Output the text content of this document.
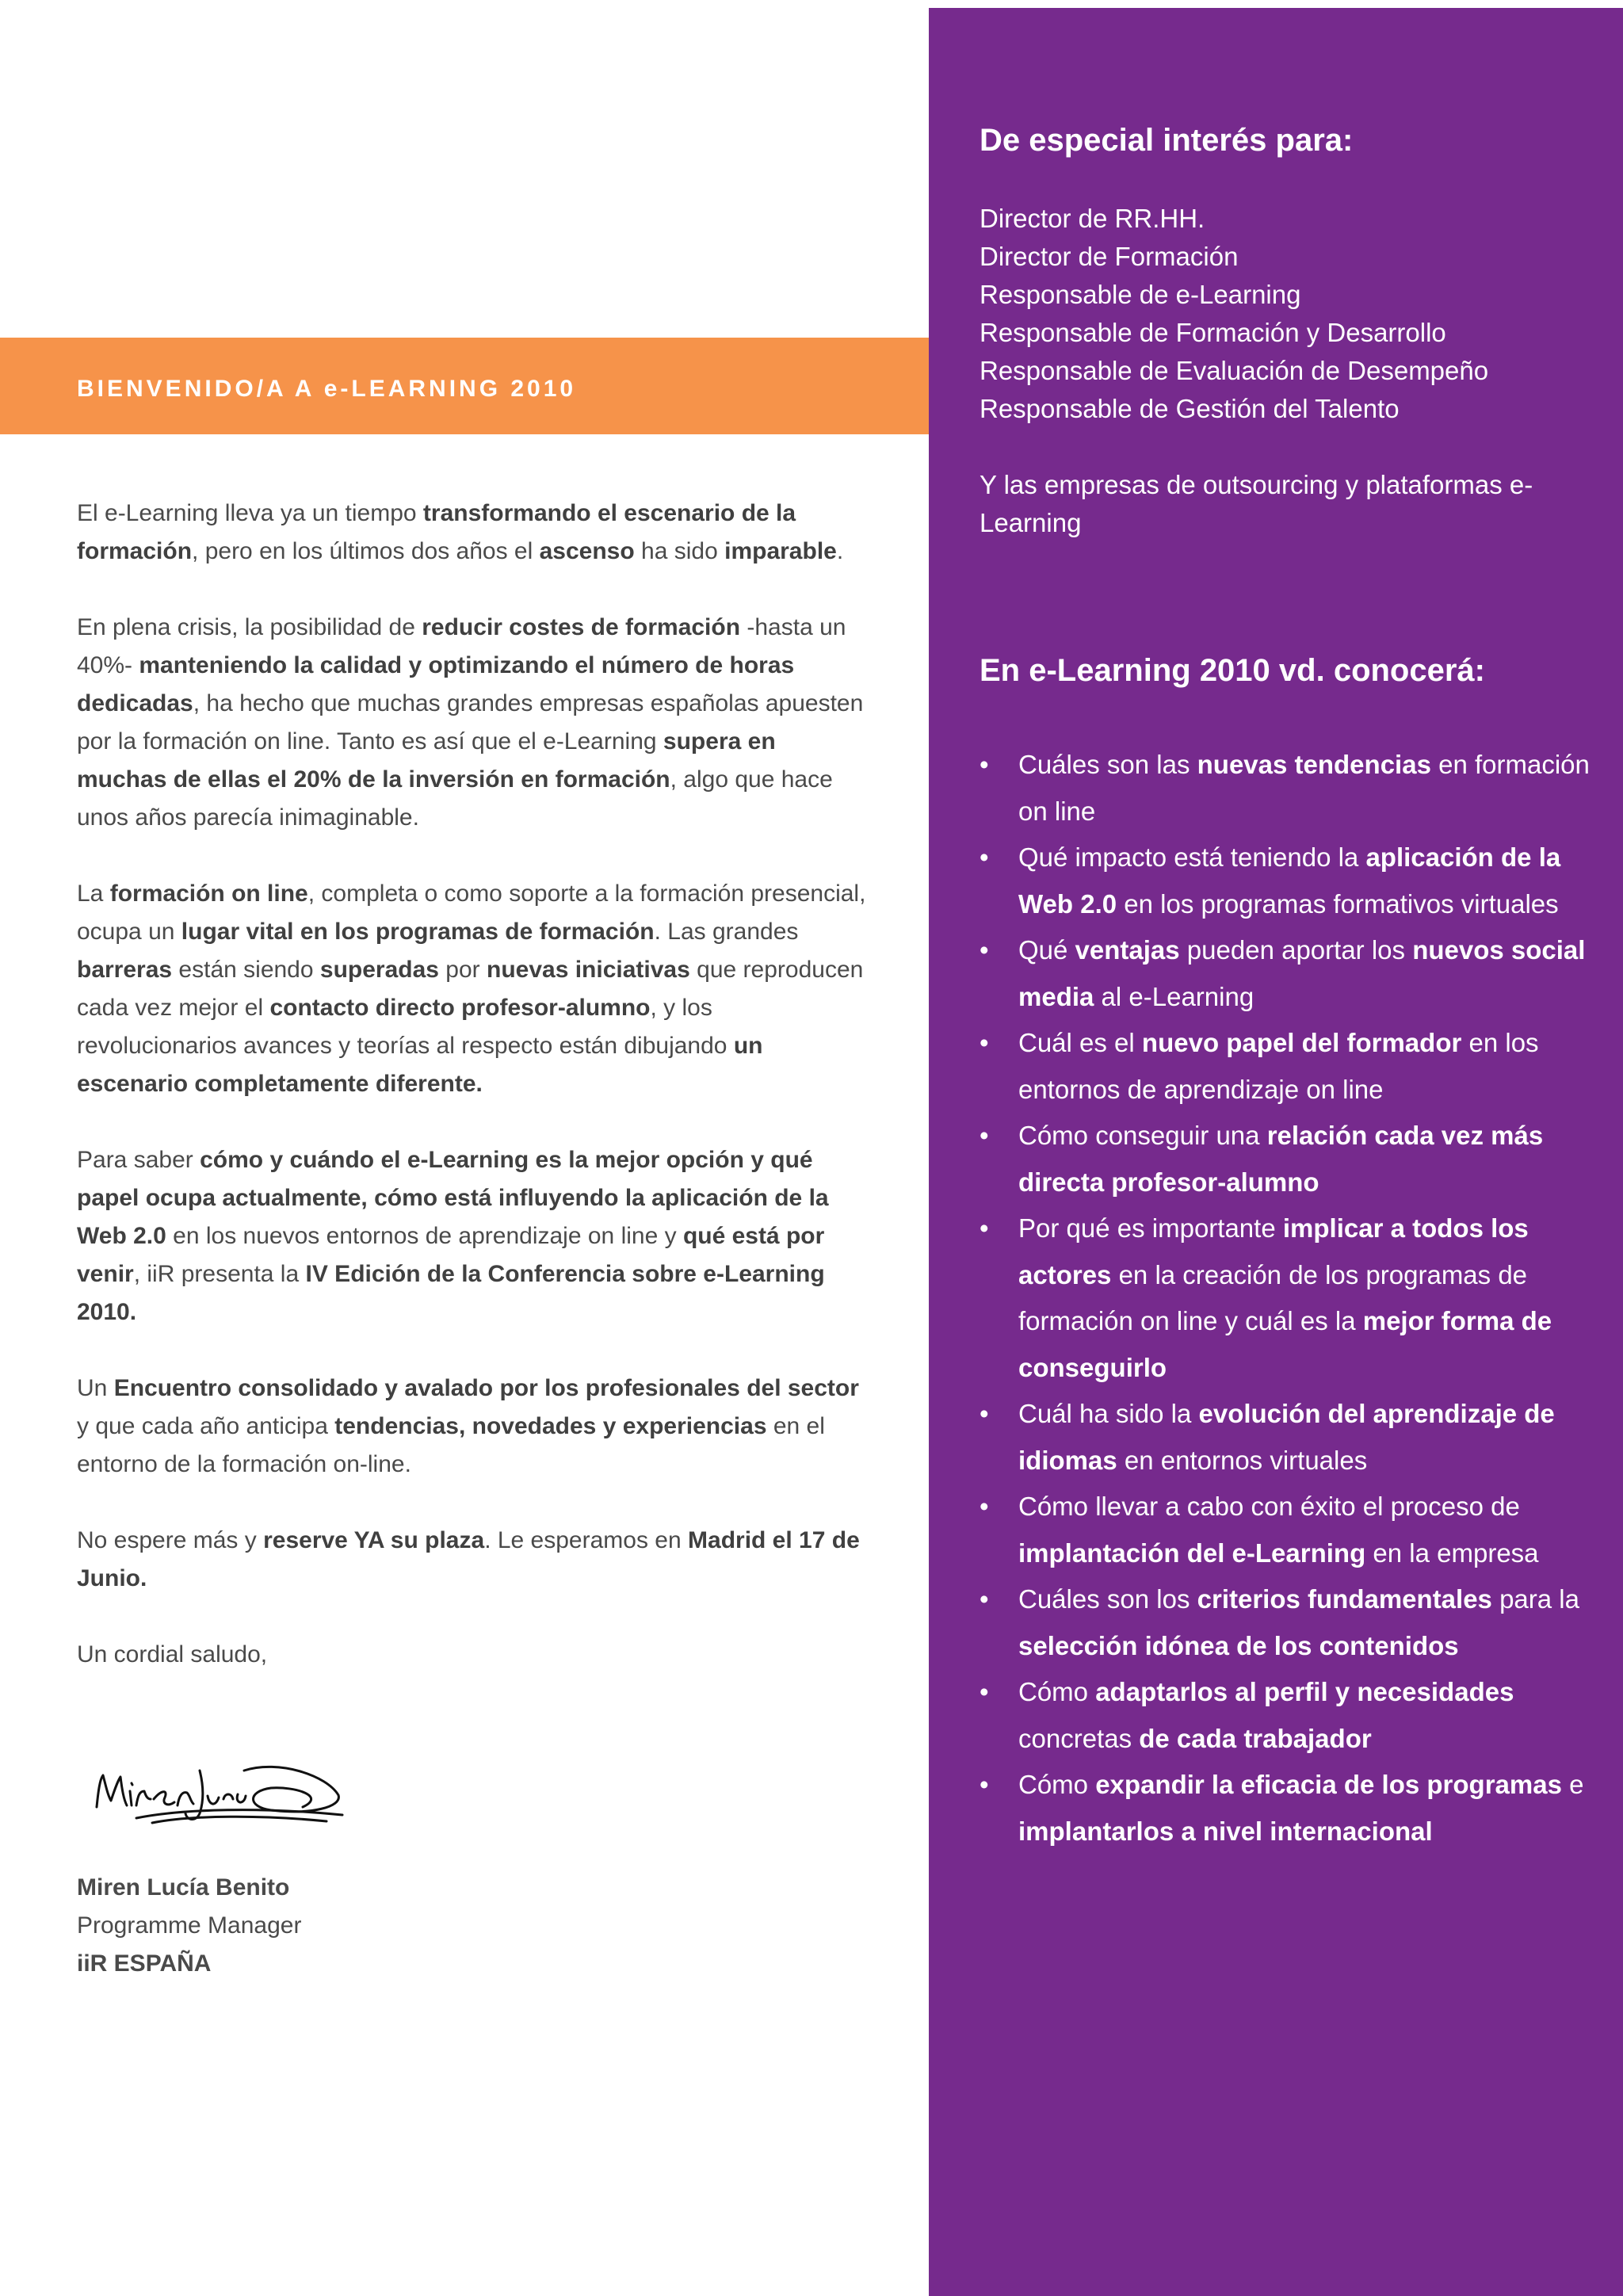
BIENVENIDO/A A e-LEARNING 2010

El e-Learning lleva ya un tiempo transformando el escenario de la formación, pero en los últimos dos años el ascenso ha sido imparable.

En plena crisis, la posibilidad de reducir costes de formación -hasta un 40%- manteniendo la calidad y optimizando el número de horas dedicadas, ha hecho que muchas grandes empresas españolas apuesten por la formación on line. Tanto es así que el e-Learning supera en muchas de ellas el 20% de la inversión en formación, algo que hace unos años parecía inimaginable.

La formación on line, completa o como soporte a la formación presencial, ocupa un lugar vital en los programas de formación. Las grandes barreras están siendo superadas por nuevas iniciativas que reproducen cada vez mejor el contacto directo profesor-alumno, y los revolucionarios avances y teorías al respecto están dibujando un escenario completamente diferente.

Para saber cómo y cuándo el e-Learning es la mejor opción y qué papel ocupa actualmente, cómo está influyendo la aplicación de la Web 2.0 en los nuevos entornos de aprendizaje on line y qué está por venir, iiR presenta la IV Edición de la Conferencia sobre e-Learning 2010.

Un Encuentro consolidado y avalado por los profesionales del sector y que cada año anticipa tendencias, novedades y experiencias en el entorno de la formación on-line.

No espere más y reserve YA su plaza. Le esperamos en Madrid el 17 de Junio.

Un cordial saludo,

Miren Lucía Benito
Programme Manager
iiR ESPAÑA
De especial interés para:
Director de RR.HH.
Director de Formación
Responsable de e-Learning
Responsable de Formación y Desarrollo
Responsable de Evaluación de Desempeño
Responsable de Gestión del Talento
Y las empresas de outsourcing y plataformas e-Learning
En e-Learning 2010 vd. conocerá:
• Cuáles son las nuevas tendencias en formación on line
• Qué impacto está teniendo la aplicación de la Web 2.0 en los programas formativos virtuales
• Qué ventajas pueden aportar los nuevos social media al e-Learning
• Cuál es el nuevo papel del formador en los entornos de aprendizaje on line
• Cómo conseguir una relación cada vez más directa profesor-alumno
• Por qué es importante implicar a todos los actores en la creación de los programas de formación on line y cuál es la mejor forma de conseguirlo
• Cuál ha sido la evolución del aprendizaje de idiomas en entornos virtuales
• Cómo llevar a cabo con éxito el proceso de implantación del e-Learning en la empresa
• Cuáles son los criterios fundamentales para la selección idónea de los contenidos
• Cómo adaptarlos al perfil y necesidades concretas de cada trabajador
• Cómo expandir la eficacia de los programas e implantarlos a nivel internacional
